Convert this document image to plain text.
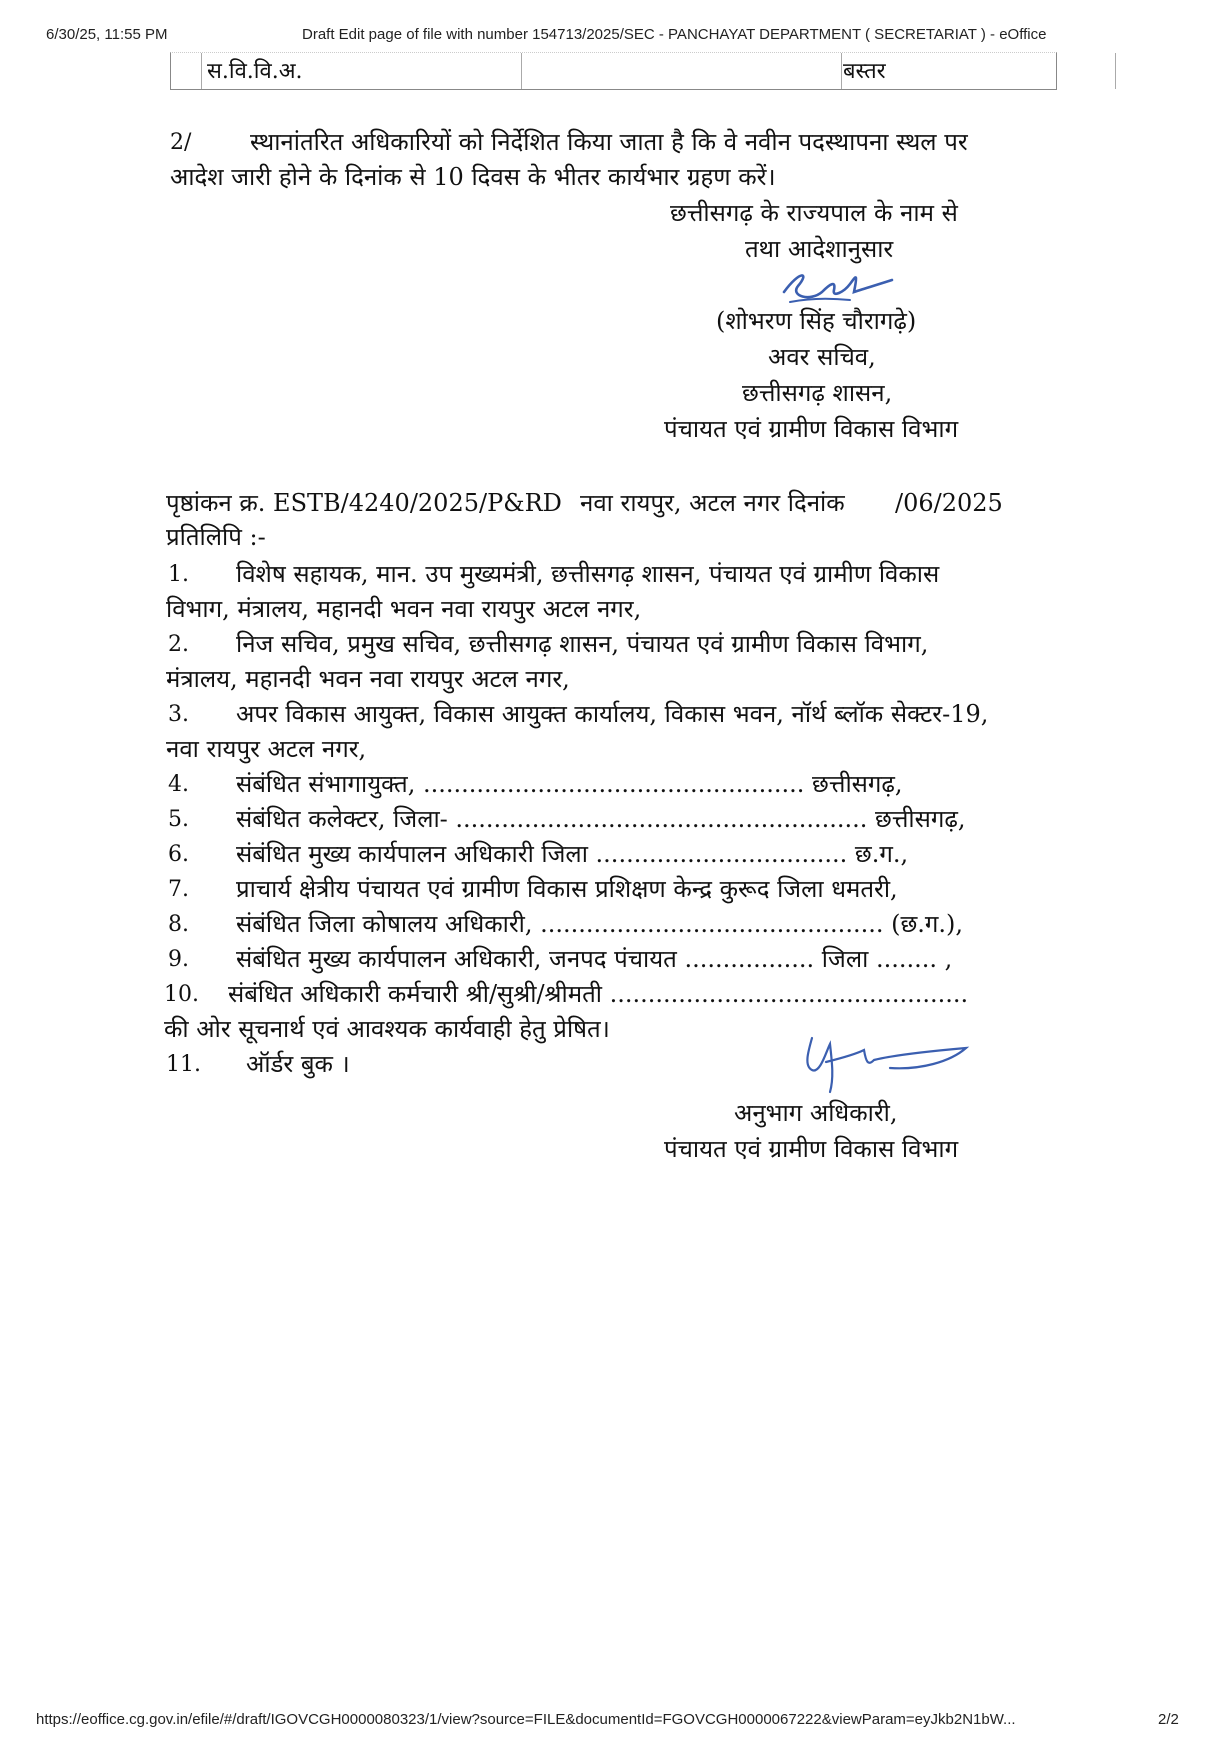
6/30/25, 11:55 PM	Draft Edit page of file with number 154713/2025/SEC - PANCHAYAT DEPARTMENT ( SECRETARIAT ) - eOffice
स.वि.वि.अ.	बस्तर
2/ स्थानांतरित अधिकारियों को निर्देशित किया जाता है कि वे नवीन पदस्थापना स्थल पर
आदेश जारी होने के दिनांक से 10 दिवस के भीतर कार्यभार ग्रहण करें।
छत्तीसगढ़ के राज्यपाल के नाम से
तथा आदेशानुसार
(शोभरण सिंह चौरागढ़े)
अवर सचिव,
छत्तीसगढ़ शासन,
पंचायत एवं ग्रामीण विकास विभाग
पृष्ठांकन क्र. ESTB/4240/2025/P&RD नवा रायपुर, अटल नगर दिनांक /06/2025
प्रतिलिपि :-
1. विशेष सहायक, मान. उप मुख्यमंत्री, छत्तीसगढ़ शासन, पंचायत एवं ग्रामीण विकास
विभाग, मंत्रालय, महानदी भवन नवा रायपुर अटल नगर,
2. निज सचिव, प्रमुख सचिव, छत्तीसगढ़ शासन, पंचायत एवं ग्रामीण विकास विभाग,
मंत्रालय, महानदी भवन नवा रायपुर अटल नगर,
3. अपर विकास आयुक्त, विकास आयुक्त कार्यालय, विकास भवन, नॉर्थ ब्लॉक सेक्टर-19,
नवा रायपुर अटल नगर,
4. संबंधित संभागायुक्त, .................................................. छत्तीसगढ़,
5. संबंधित कलेक्टर, जिला- ...................................................... छत्तीसगढ़,
6. संबंधित मुख्य कार्यपालन अधिकारी जिला ................................. छ.ग.,
7. प्राचार्य क्षेत्रीय पंचायत एवं ग्रामीण विकास प्रशिक्षण केन्द्र कुरूद जिला धमतरी,
8. संबंधित जिला कोषालय अधिकारी, ............................................. (छ.ग.),
9. संबंधित मुख्य कार्यपालन अधिकारी, जनपद पंचायत ................. जिला ........ ,
10. संबंधित अधिकारी कर्मचारी श्री/सुश्री/श्रीमती ...............................................
की ओर सूचनार्थ एवं आवश्यक कार्यवाही हेतु प्रेषित।
11. ऑर्डर बुक ।
अनुभाग अधिकारी,
पंचायत एवं ग्रामीण विकास विभाग
https://eoffice.cg.gov.in/efile/#/draft/IGOVCGH0000080323/1/view?source=FILE&documentId=FGOVCGH0000067222&viewParam=eyJkb2N1bW...	2/2
